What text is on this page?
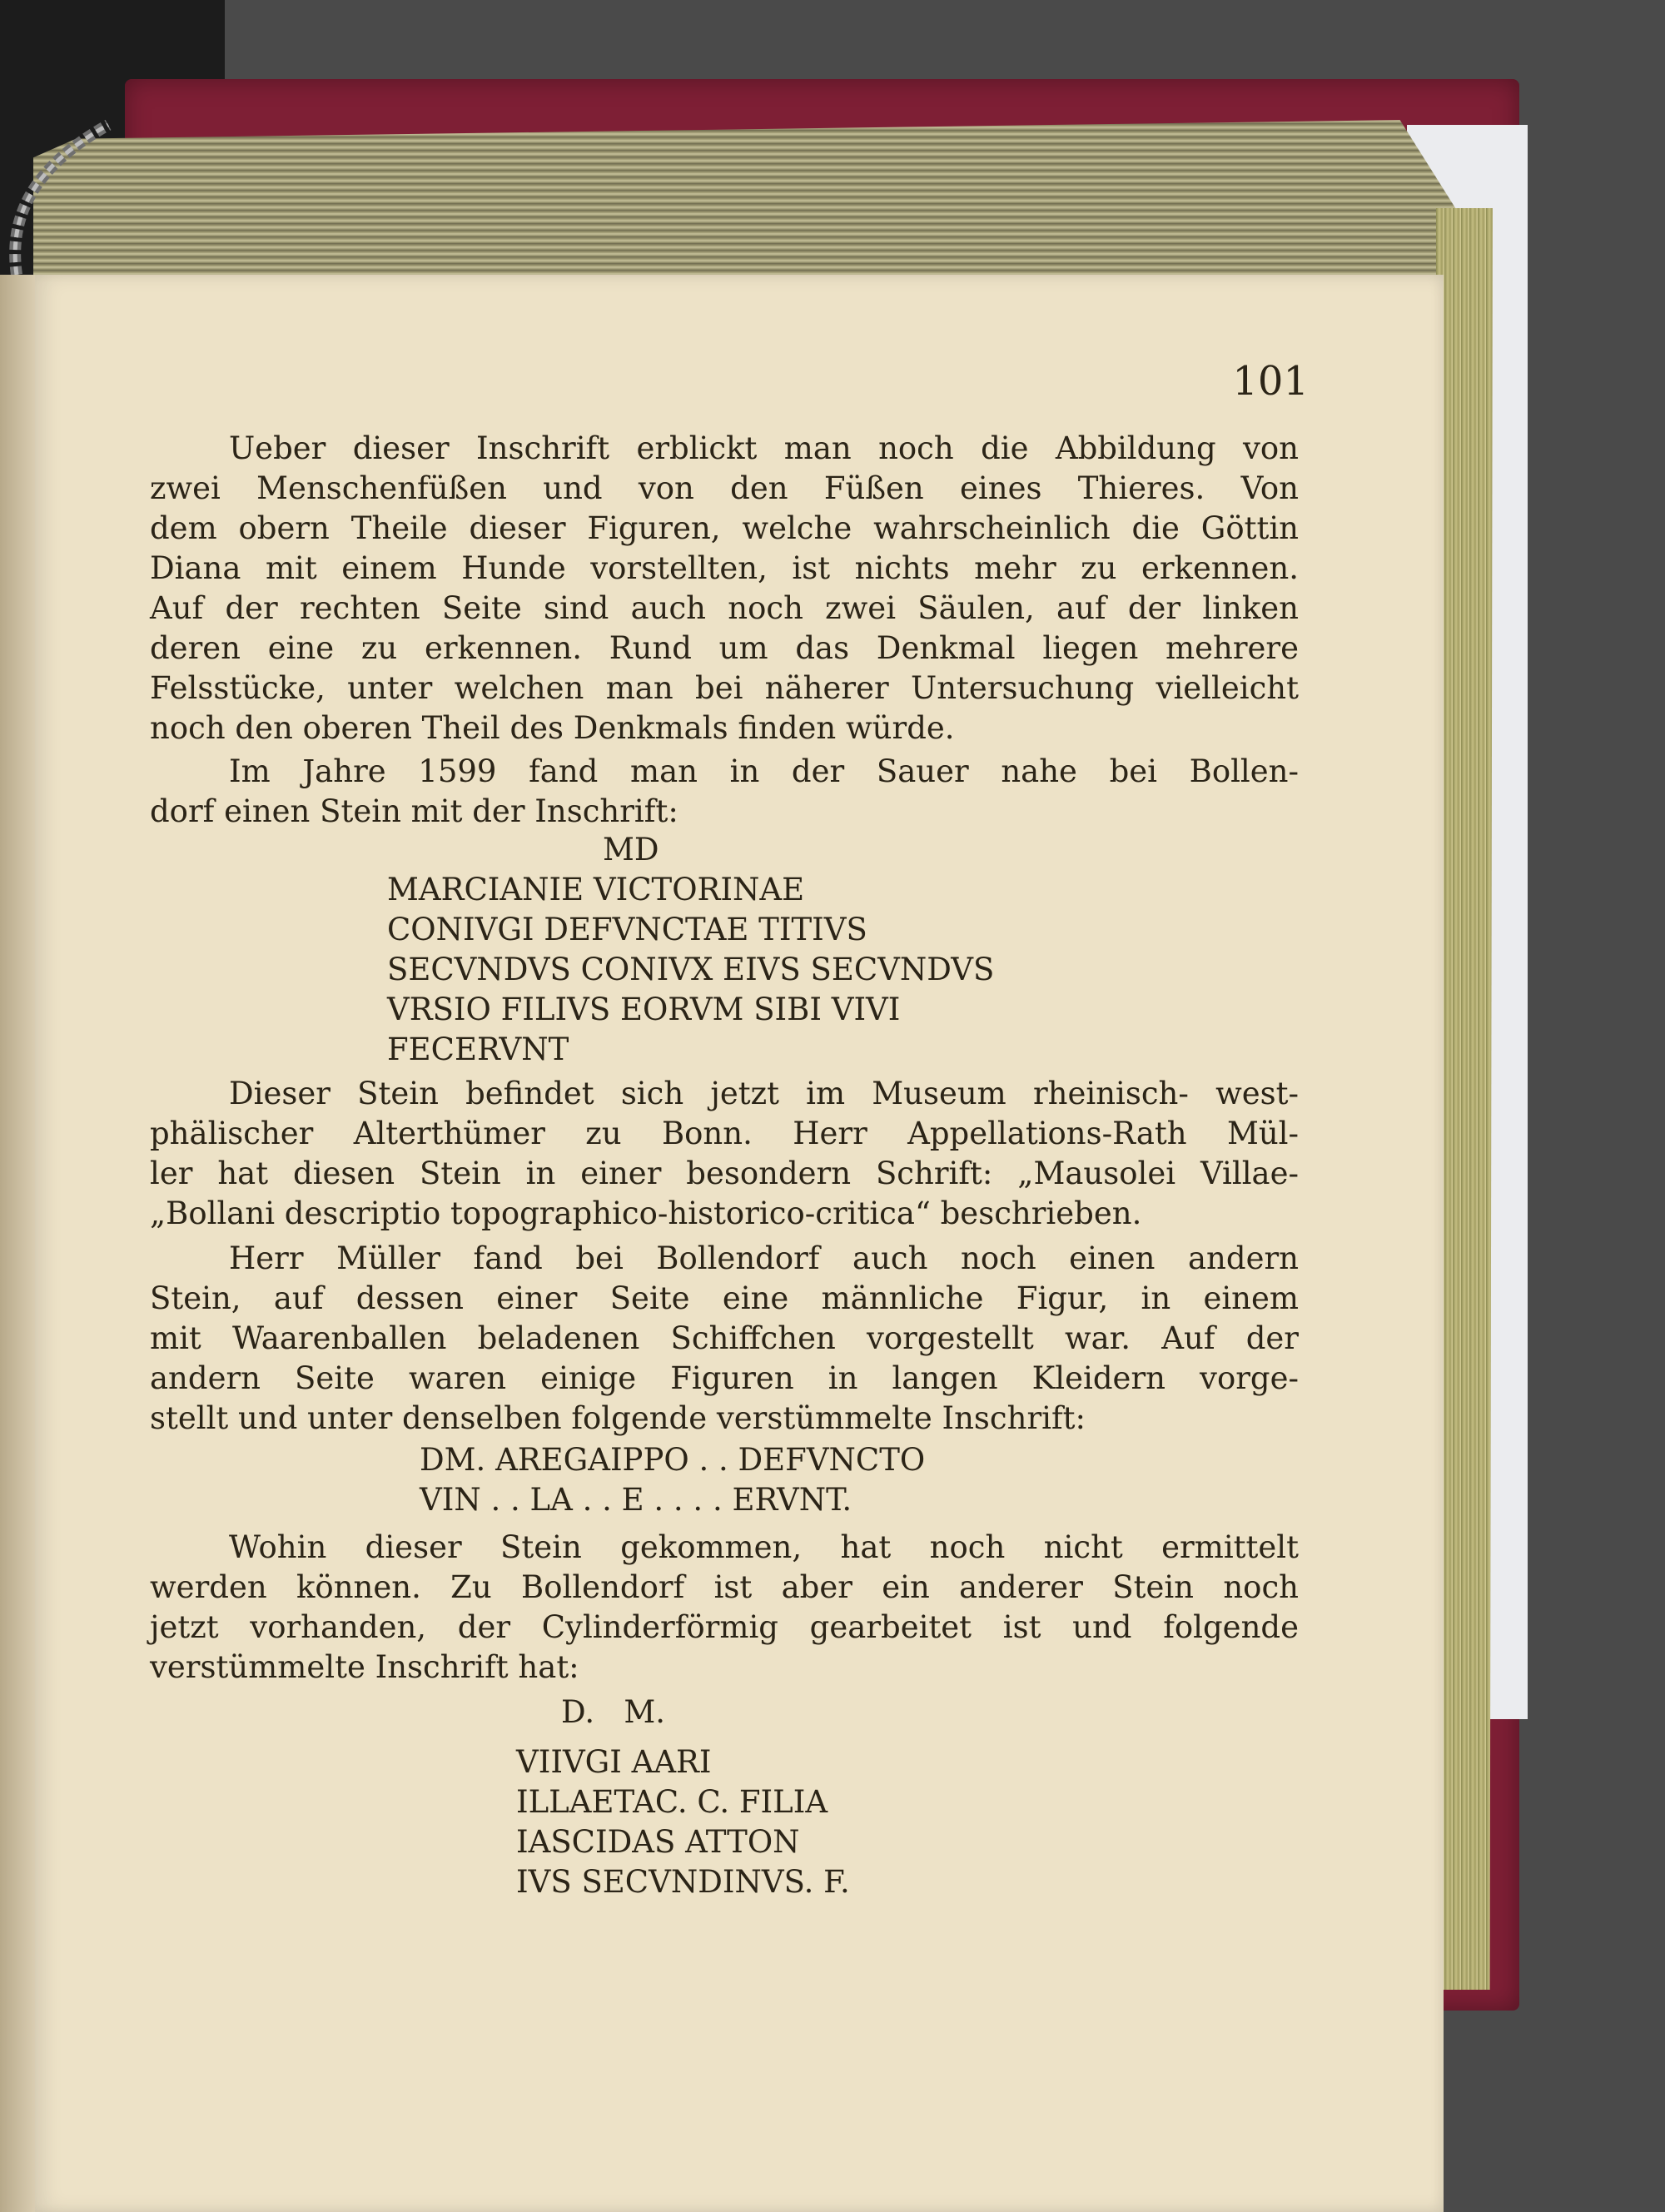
101
Ueber dieser Inschrift erblickt man noch die Abbildung von
zwei Menschenfüßen und von den Füßen eines Thieres. Von
dem obern Theile dieser Figuren, welche wahrscheinlich die Göttin
Diana mit einem Hunde vorstellten, ist nichts mehr zu erkennen.
Auf der rechten Seite sind auch noch zwei Säulen, auf der linken
deren eine zu erkennen. Rund um das Denkmal liegen mehrere
Felsstücke, unter welchen man bei näherer Untersuchung vielleicht
noch den oberen Theil des Denkmals finden würde.
Im Jahre 1599 fand man in der Sauer nahe bei Bollen-
dorf einen Stein mit der Inschrift:
MD
MARCIANIE VICTORINAE
CONIVGI DEFVNCTAE TITIVS
SECVNDVS CONIVX EIVS SECVNDVS
VRSIO FILIVS EORVM SIBI VIVI
FECERVNT
Dieser Stein befindet sich jetzt im Museum rheinisch- west-
phälischer Alterthümer zu Bonn. Herr Appellations-Rath Mül-
ler hat diesen Stein in einer besondern Schrift: „Mausolei Villae-
„Bollani descriptio topographico-historico-critica“ beschrieben.
Herr Müller fand bei Bollendorf auch noch einen andern
Stein, auf dessen einer Seite eine männliche Figur, in einem
mit Waarenballen beladenen Schiffchen vorgestellt war. Auf der
andern Seite waren einige Figuren in langen Kleidern vorge-
stellt und unter denselben folgende verstümmelte Inschrift:
DM. AREGAIPPO . . DEFVNCTO
VIN . . LA . . E . . . . ERVNT.
Wohin dieser Stein gekommen, hat noch nicht ermittelt
werden können. Zu Bollendorf ist aber ein anderer Stein noch
jetzt vorhanden, der Cylinderförmig gearbeitet ist und folgende
verstümmelte Inschrift hat:
D.   M.
VIIVGI AARI
ILLAETAC. C. FILIA
IASCIDAS ATTON
IVS SECVNDINVS. F.
